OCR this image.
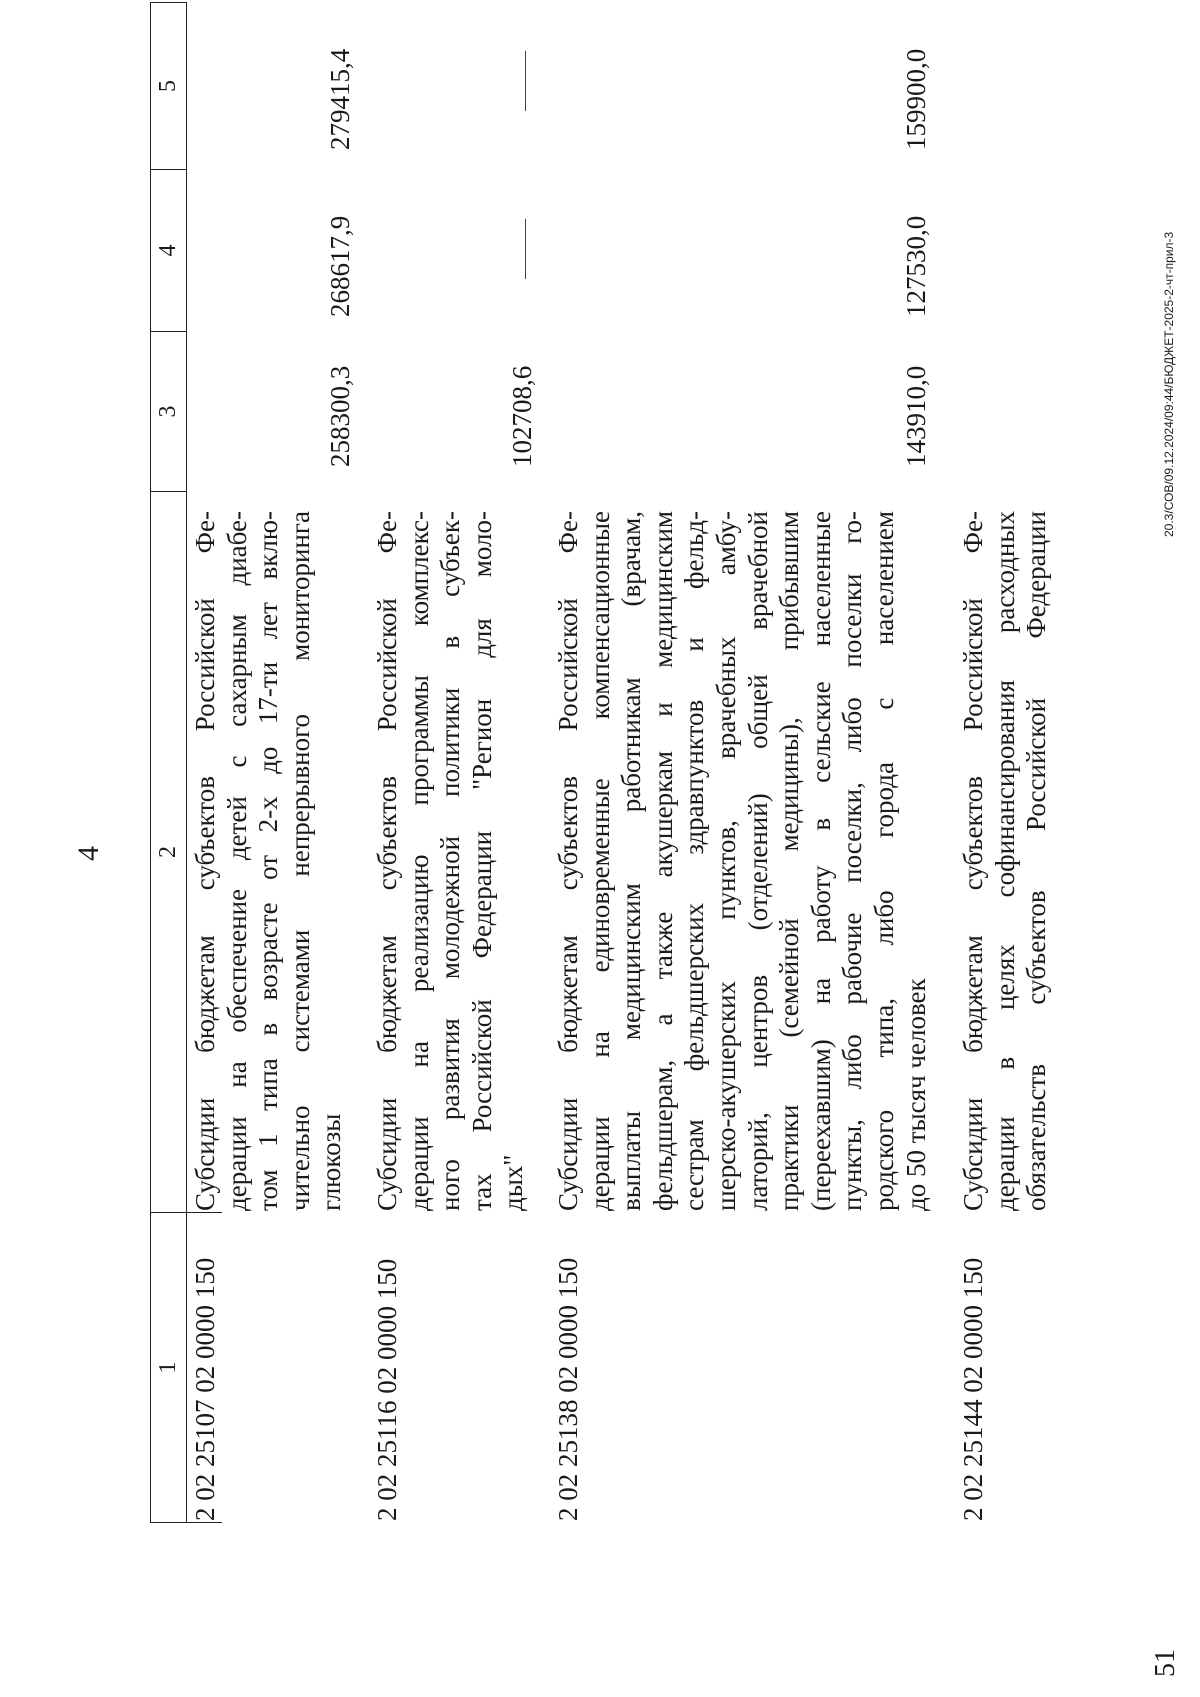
4
1
2
3
4
5
2 02 25107 02 0000 150
Субсидии бюджетам субъектов Российской Фе- дерации на обеспечение детей с сахарным диабе- том 1 типа в возрасте от 2-х до 17-ти лет вклю- чительно системами непрерывного мониторинга глюкозы
258300,3
268617,9
279415,4
2 02 25116 02 0000 150
Субсидии бюджетам субъектов Российской Фе- дерации на реализацию программы комплекс- ного развития молодежной политики в субъек- тах Российской Федерации "Регион для моло- дых"
102708,6
2 02 25138 02 0000 150
Субсидии бюджетам субъектов Российской Фе- дерации на единовременные компенсационные выплаты медицинским работникам (врачам, фельдшерам, а также акушеркам и медицинским сестрам фельдшерских здравпунктов и фельд- шерско-акушерских пунктов, врачебных амбу- латорий, центров (отделений) общей врачебной практики (семейной медицины), прибывшим (переехавшим) на работу в сельские населенные пункты, либо рабочие поселки, либо поселки го- родского типа, либо города с населением до 50 тысяч человек
143910,0
127530,0
159900,0
2 02 25144 02 0000 150
Субсидии бюджетам субъектов Российской Фе- дерации в целях софинансирования расходных обязательств субъектов Российской Федерации
51
20.3/СОВ/09.12.2024/09:44/БЮДЖЕТ-2025-2-чт-прил-3
